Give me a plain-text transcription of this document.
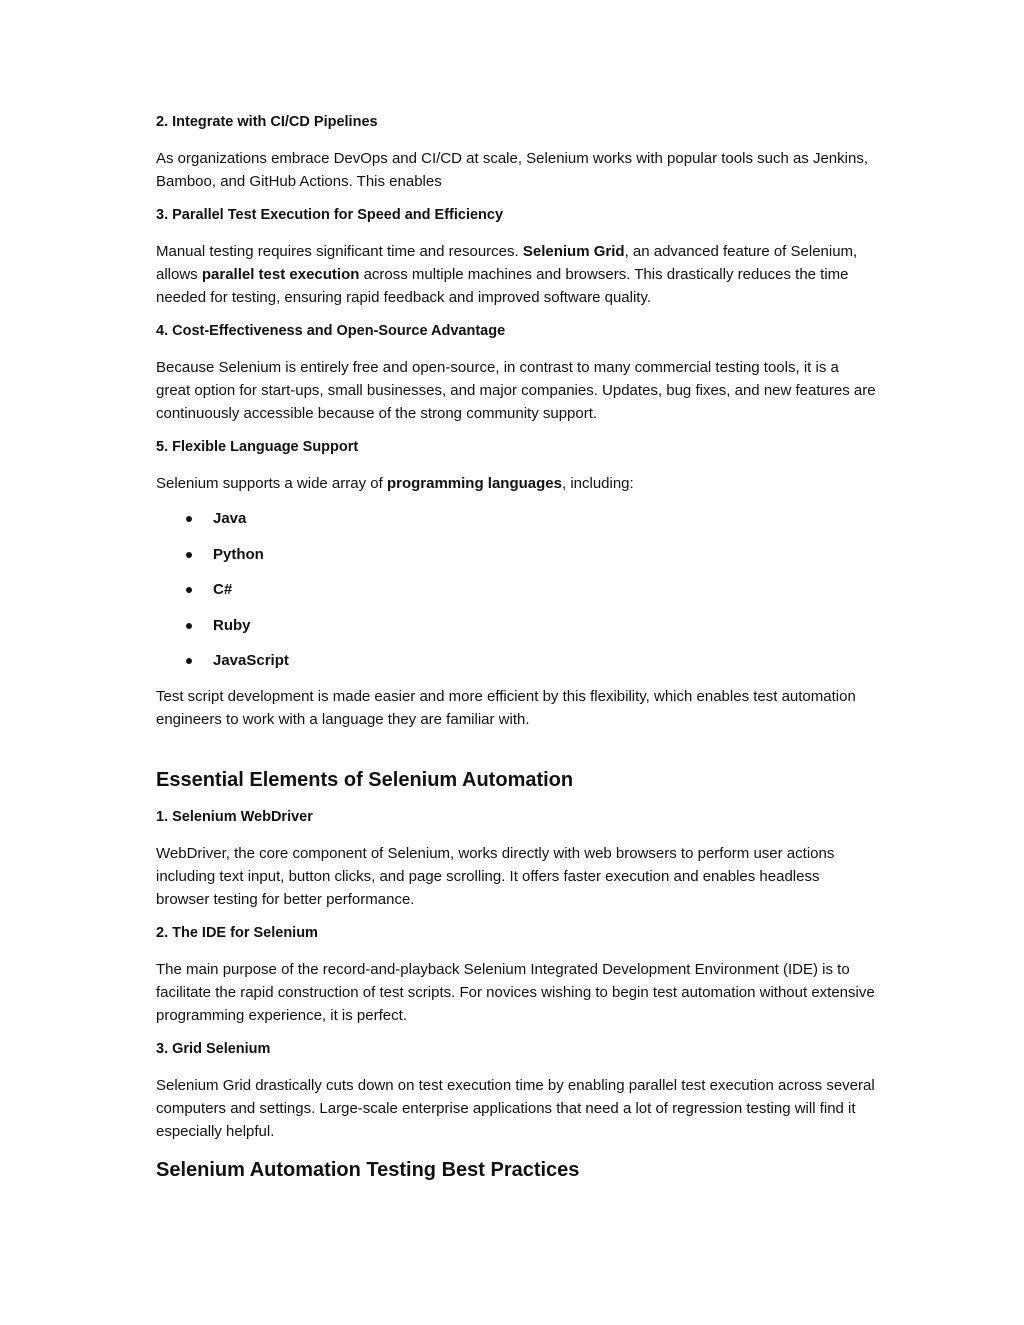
2. Integrate with CI/CD Pipelines

As organizations embrace DevOps and CI/CD at scale, Selenium works with popular tools such as Jenkins, Bamboo, and GitHub Actions. This enables

3. Parallel Test Execution for Speed and Efficiency

Manual testing requires significant time and resources. Selenium Grid, an advanced feature of Selenium, allows parallel test execution across multiple machines and browsers. This drastically reduces the time needed for testing, ensuring rapid feedback and improved software quality.

4. Cost-Effectiveness and Open-Source Advantage

Because Selenium is entirely free and open-source, in contrast to many commercial testing tools, it is a great option for start-ups, small businesses, and major companies. Updates, bug fixes, and new features are continuously accessible because of the strong community support.

5. Flexible Language Support

Selenium supports a wide array of programming languages, including:

Java
Python
C#
Ruby
JavaScript

Test script development is made easier and more efficient by this flexibility, which enables test automation engineers to work with a language they are familiar with.

Essential Elements of Selenium Automation
1. Selenium WebDriver

WebDriver, the core component of Selenium, works directly with web browsers to perform user actions including text input, button clicks, and page scrolling. It offers faster execution and enables headless browser testing for better performance.

2. The IDE for Selenium

The main purpose of the record-and-playback Selenium Integrated Development Environment (IDE) is to facilitate the rapid construction of test scripts. For novices wishing to begin test automation without extensive programming experience, it is perfect.

3. Grid Selenium

Selenium Grid drastically cuts down on test execution time by enabling parallel test execution across several computers and settings. Large-scale enterprise applications that need a lot of regression testing will find it especially helpful.

Selenium Automation Testing Best Practices
